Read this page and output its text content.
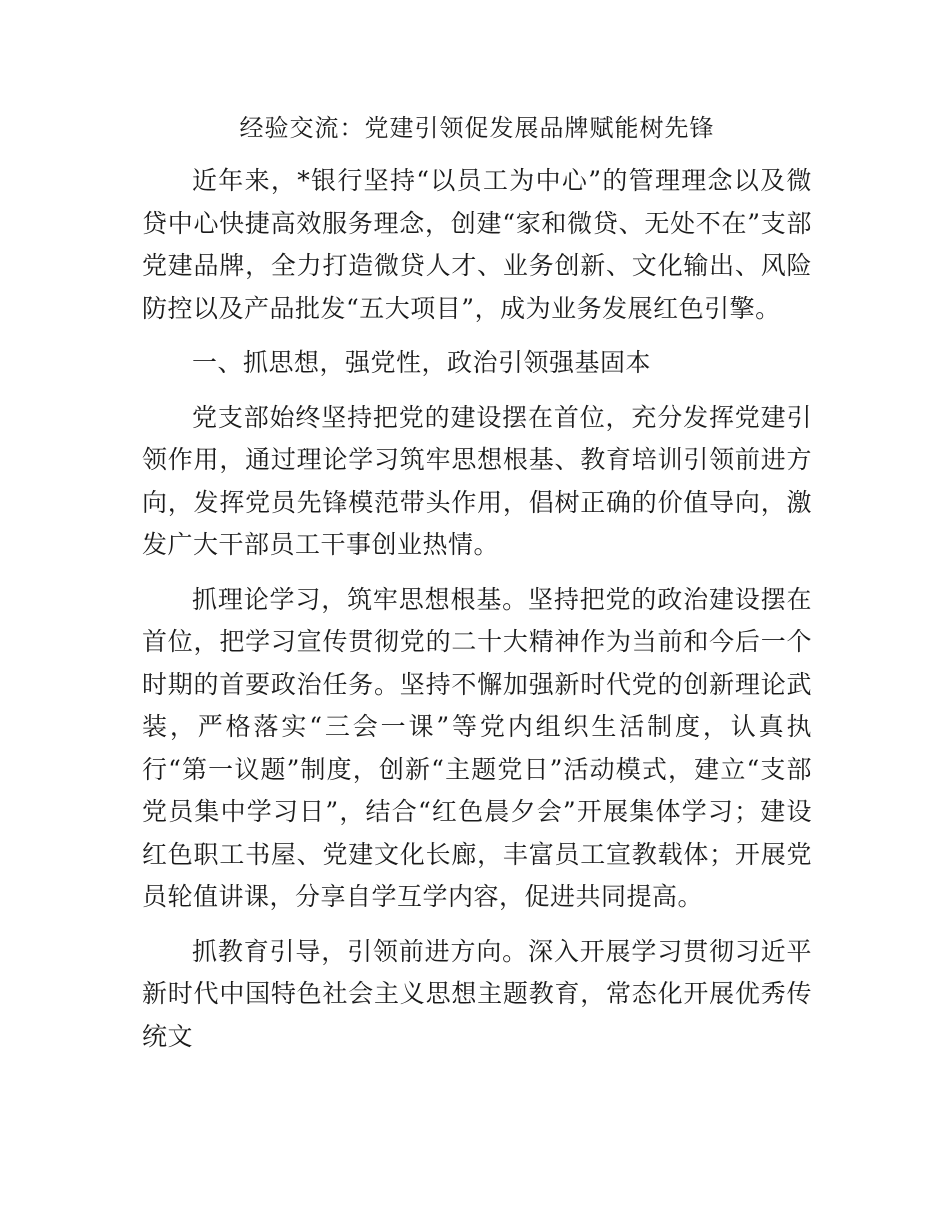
经验交流：党建引领促发展品牌赋能树先锋

近年来，*银行坚持“以员工为中心”的管理理念以及微贷中心快捷高效服务理念，创建“家和微贷、无处不在”支部党建品牌，全力打造微贷人才、业务创新、文化输出、风险防控以及产品批发“五大项目”，成为业务发展红色引擎。

一、抓思想，强党性，政治引领强基固本

党支部始终坚持把党的建设摆在首位，充分发挥党建引领作用，通过理论学习筑牢思想根基、教育培训引领前进方向，发挥党员先锋模范带头作用，倡树正确的价值导向，激发广大干部员工干事创业热情。

抓理论学习，筑牢思想根基。坚持把党的政治建设摆在首位，把学习宣传贯彻党的二十大精神作为当前和今后一个时期的首要政治任务。坚持不懈加强新时代党的创新理论武装，严格落实“三会一课”等党内组织生活制度，认真执行“第一议题”制度，创新“主题党日”活动模式，建立“支部党员集中学习日”，结合“红色晨夕会”开展集体学习；建设红色职工书屋、党建文化长廊，丰富员工宣教载体；开展党员轮值讲课，分享自学互学内容，促进共同提高。

抓教育引导，引领前进方向。深入开展学习贯彻习近平新时代中国特色社会主义思想主题教育，常态化开展优秀传统文
